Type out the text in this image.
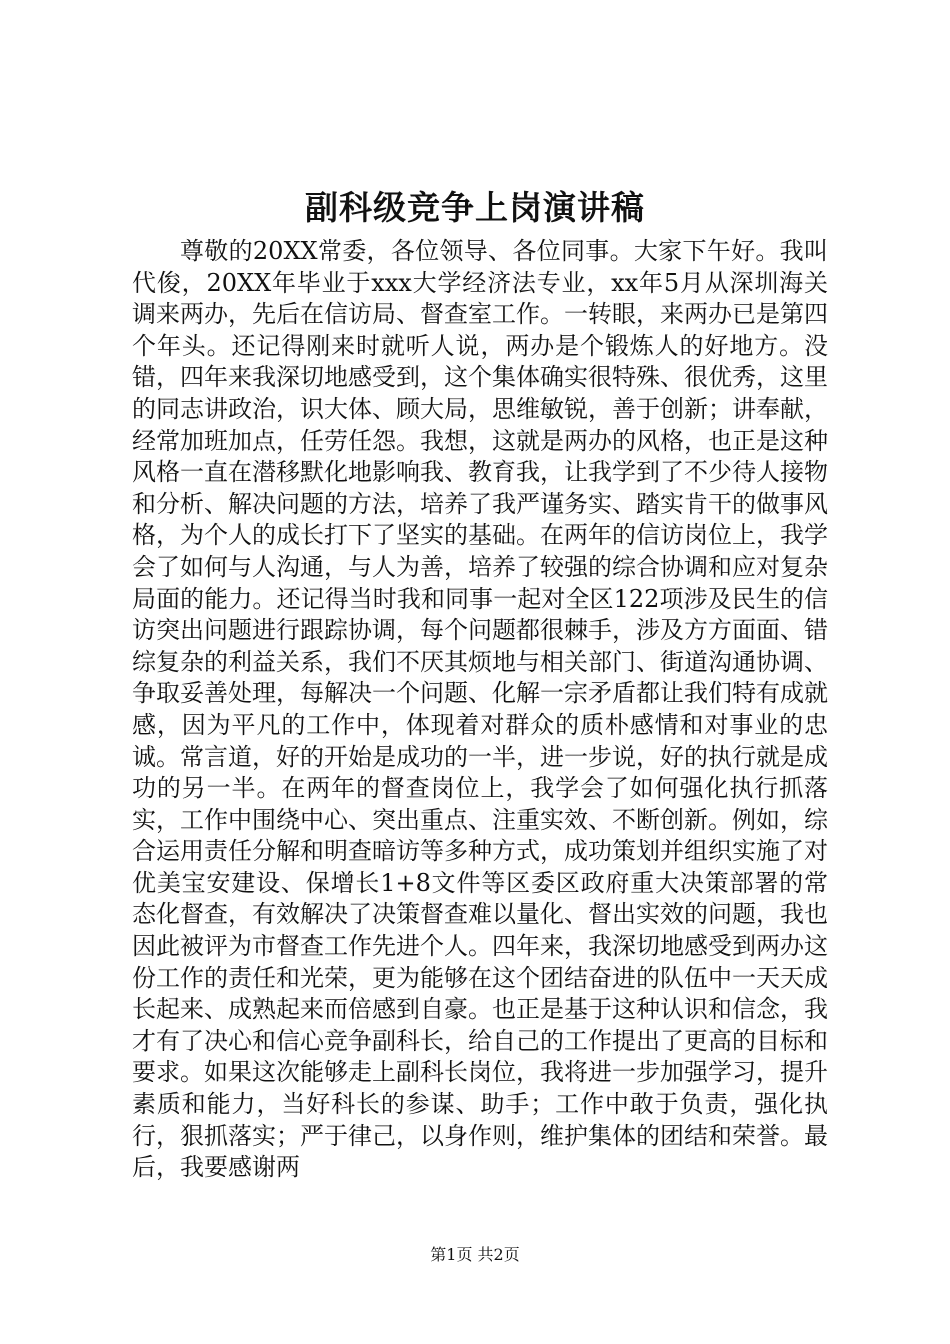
副科级竞争上岗演讲稿

尊敬的20XX常委，各位领导、各位同事。大家下午好。我叫代俊，20XX年毕业于xxx大学经济法专业，xx年5月从深圳海关调来两办，先后在信访局、督查室工作。一转眼，来两办已是第四个年头。还记得刚来时就听人说，两办是个锻炼人的好地方。没错，四年来我深切地感受到，这个集体确实很特殊、很优秀，这里的同志讲政治，识大体、顾大局，思维敏锐，善于创新；讲奉献，经常加班加点，任劳任怨。我想，这就是两办的风格，也正是这种风格一直在潜移默化地影响我、教育我，让我学到了不少待人接物和分析、解决问题的方法，培养了我严谨务实、踏实肯干的做事风格，为个人的成长打下了坚实的基础。在两年的信访岗位上，我学会了如何与人沟通，与人为善，培养了较强的综合协调和应对复杂局面的能力。还记得当时我和同事一起对全区122项涉及民生的信访突出问题进行跟踪协调，每个问题都很棘手，涉及方方面面、错综复杂的利益关系，我们不厌其烦地与相关部门、街道沟通协调、争取妥善处理，每解决一个问题、化解一宗矛盾都让我们特有成就感，因为平凡的工作中，体现着对群众的质朴感情和对事业的忠诚。常言道，好的开始是成功的一半，进一步说，好的执行就是成功的另一半。在两年的督查岗位上，我学会了如何强化执行抓落实，工作中围绕中心、突出重点、注重实效、不断创新。例如，综合运用责任分解和明查暗访等多种方式，成功策划并组织实施了对优美宝安建设、保增长1+8文件等区委区政府重大决策部署的常态化督查，有效解决了决策督查难以量化、督出实效的问题，我也因此被评为市督查工作先进个人。四年来，我深切地感受到两办这份工作的责任和光荣，更为能够在这个团结奋进的队伍中一天天成长起来、成熟起来而倍感到自豪。也正是基于这种认识和信念，我才有了决心和信心竞争副科长，给自己的工作提出了更高的目标和要求。如果这次能够走上副科长岗位，我将进一步加强学习，提升素质和能力，当好科长的参谋、助手；工作中敢于负责，强化执行，狠抓落实；严于律己，以身作则，维护集体的团结和荣誉。最后，我要感谢两

第1页 共2页
